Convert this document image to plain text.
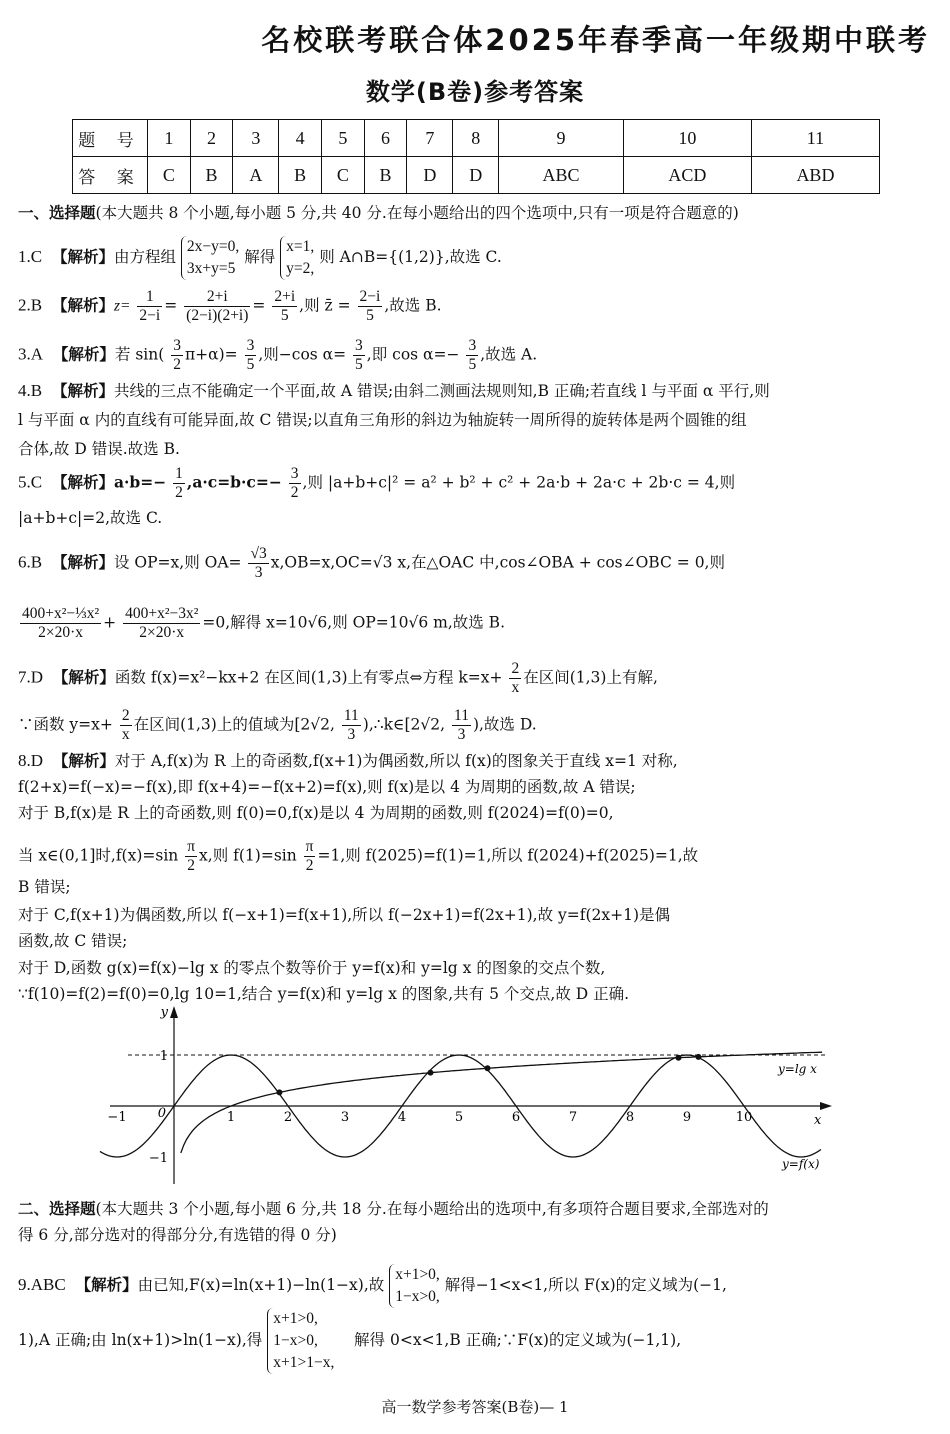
名校联考联合体2025年春季高一年级期中联考
数学(B卷)参考答案
题 号	1	2	3	4	5	6	7	8	9	10	11
答 案	C	B	A	B	C	B	D	D	ABC	ACD	ABD
一、选择题(本大题共 8 个小题,每小题 5 分,共 40 分.在每小题给出的四个选项中,只有一项是符合题意的)
1.C 【解析】由方程组
2x−y=0,
3x+y=5
解得
x=1,
y=2,
则 A∩B={(1,2)},故选 C.
2.B 【解析】$z= \frac{1}{2-i} = \frac{2+i}{(2-i)(2+i)} = \frac{2+i}{5}$ ,则 z̄ = $\frac{2-i}{5}$ ,故选 B.
3.A 【解析】若 $\sin( \frac{3}{2} \pi+\alpha)= \frac{3}{5}$ ,则−cos $\alpha= \frac{3}{5}$ ,即 $\cos \alpha=- \frac{3}{5}$ ,故选 A.
4.B 【解析】共线的三点不能确定一个平面,故 A 错误;由斜二测画法规则知,B 正确;若直线 l 与平面 α 平行,则
l 与平面 α 内的直线有可能异面,故 C 错误;以直角三角形的斜边为轴旋转一周所得的旋转体是两个圆锥的组
合体,故 D 错误.故选 B.
5.C 【解析】$a\cdot b=- \frac{1}{2} ,a\cdot c=b\cdot c=- \frac{3}{2}$ ,则 |a+b+c|² = a² + b² + c² + 2a·b + 2a·c + 2b·c = 4,则
|a+b+c|=2,故选 C.
6.B 【解析】设 OP=x,则 $OA= \frac{√3}{3} x,OB=x,OC=√3$ x,在△OAC 中,cos∠OBA + cos∠OBC = 0,则
$\frac{\text{400+x²−⅓x²}}{2\times 20\cdot x} + \frac{\text{400+x²−3x²}}{2\times 20\cdot x} =0$,解得 x=10√6,则 OP=10√6 m,故选 B.
7.D 【解析】函数 f(x)=x²−kx+2 在区间(1,3)上有零点⇔方程 $k=x+ \frac{2}{x}$ 在区间(1,3)上有解,
∵函数 $y=x+ \frac{2}{x}$ 在区间(1,3)上的值域为[2√2, $\frac{11}{3}$ ),∴k∈[2√2, $\frac{11}{3}$ ),故选 D.
8.D 【解析】对于 A,f(x)为 R 上的奇函数,f(x+1)为偶函数,所以 f(x)的图象关于直线 x=1 对称,
f(2+x)=f(−x)=−f(x),即 f(x+4)=−f(x+2)=f(x),则 f(x)是以 4 为周期的函数,故 A 错误;
对于 B,f(x)是 R 上的奇函数,则 f(0)=0,f(x)是以 4 为周期的函数,则 f(2024)=f(0)=0,
当 x∈(0,1]时$,f(x)=\sin \frac{\pi}{2} x$,则 $f(1)=\sin \frac{\pi}{2} =1$,则 f(2025)=f(1)=1,所以 f(2024)+f(2025)=1,故
B 错误;
对于 C,f(x+1)为偶函数,所以 f(−x+1)=f(x+1),所以 f(−2x+1)=f(2x+1),故 y=f(2x+1)是偶
函数,故 C 错误;
对于 D,函数 g(x)=f(x)−lg x 的零点个数等价于 y=f(x)和 y=lg x 的图象的交点个数,
∵f(10)=f(2)=f(0)=0,lg 10=1,结合 y=f(x)和 y=lg x 的图象,共有 5 个交点,故 D 正确.
y
x
0
−1	1	2	3	4	5	6	7	8	9	10
1
−1
y=lg x
y=f(x)
二、选择题(本大题共 3 个小题,每小题 6 分,共 18 分.在每小题给出的选项中,有多项符合题目要求,全部选对的
得 6 分,部分选对的得部分分,有选错的得 0 分)
9.ABC 【解析】由已知,F(x)=ln(x+1)−ln(1−x),故
x+1>0,
1−x>0,
解得−1<x<1,所以 F(x)的定义域为(−1,
1),A 正确;由 ln(x+1)>ln(1−x),得
x+1>0,
1−x>0,
x+1>1−x,
解得 0<x<1,B 正确;∵F(x)的定义域为(−1,1),
高一数学参考答案(B卷)— 1
